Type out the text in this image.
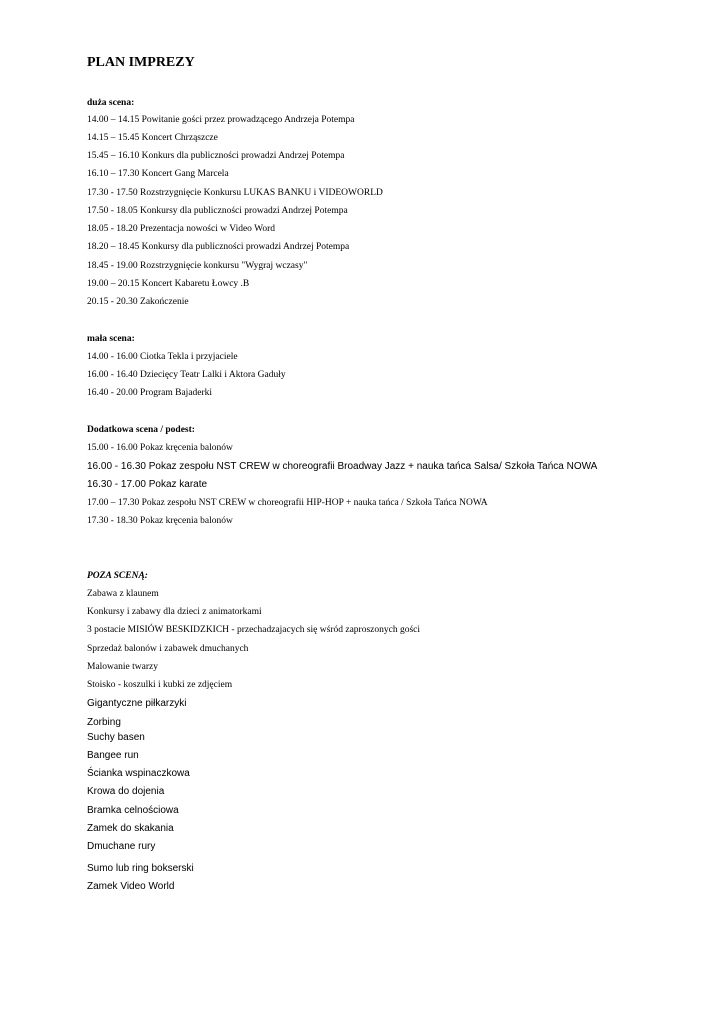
PLAN IMPREZY
duża scena:
14.00 – 14.15 Powitanie gości przez prowadzącego Andrzeja Potempa
14.15 – 15.45 Koncert Chrząszcze
15.45 – 16.10 Konkurs dla publiczności prowadzi Andrzej Potempa
16.10 – 17.30 Koncert Gang Marcela
17.30 - 17.50 Rozstrzygnięcie Konkursu LUKAS BANKU i VIDEOWORLD
17.50 - 18.05 Konkursy dla publiczności prowadzi Andrzej Potempa
18.05 - 18.20 Prezentacja nowości w Video Word
18.20 – 18.45 Konkursy dla publiczności prowadzi Andrzej Potempa
18.45 - 19.00 Rozstrzygnięcie konkursu "Wygraj wczasy"
19.00 – 20.15 Koncert Kabaretu Łowcy .B
20.15 - 20.30 Zakończenie
mała scena:
14.00 - 16.00 Ciotka Tekla i przyjaciele
16.00 - 16.40 Dziecięcy Teatr Lalki i Aktora Gaduły
16.40 - 20.00 Program Bajaderki
Dodatkowa scena / podest:
15.00 - 16.00 Pokaz kręcenia balonów
16.00 - 16.30 Pokaz zespołu NST CREW w choreografii Broadway Jazz + nauka tańca Salsa/ Szkoła Tańca NOWA
16.30 - 17.00 Pokaz karate
17.00 – 17.30 Pokaz zespołu NST CREW w choreografii HIP-HOP + nauka tańca / Szkoła Tańca NOWA
17.30 - 18.30 Pokaz kręcenia balonów
POZA SCENĄ:
Zabawa z klaunem
Konkursy i zabawy dla dzieci z animatorkami
3 postacie MISIÓW BESKIDZKICH - przechadzajacych się wśród zaproszonych gości
Sprzedaż balonów i zabawek dmuchanych
Malowanie twarzy
Stoisko - koszulki i kubki ze zdjęciem
Gigantyczne piłkarzyki
Zorbing
Suchy basen
Bangee run
Ścianka wspinaczkowa
Krowa do dojenia
Bramka celnościowa
Zamek do skakania
Dmuchane rury
Sumo lub ring bokserski
Zamek Video World
